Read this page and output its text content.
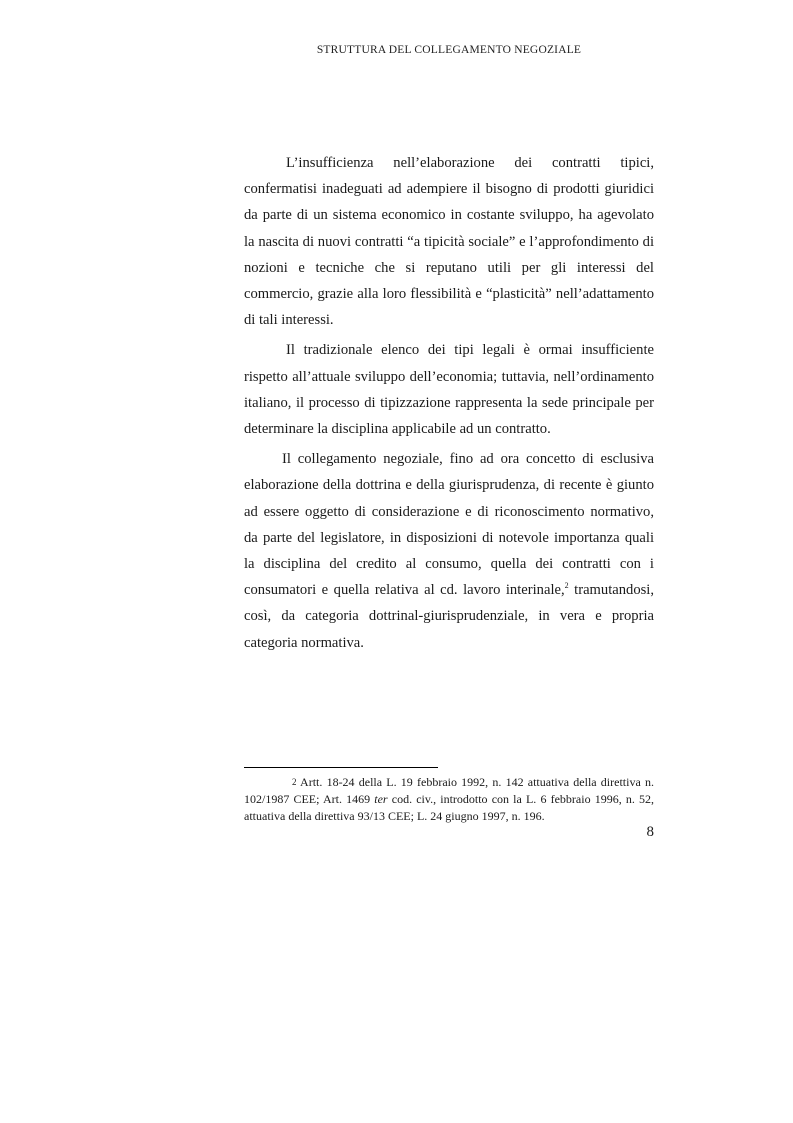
STRUTTURA DEL COLLEGAMENTO NEGOZIALE

L’insufficienza nell’elaborazione dei contratti tipici, confermatisi inadeguati ad adempiere il bisogno di prodotti giuridici da parte di un sistema economico in costante sviluppo, ha agevolato la nascita di nuovi contratti “a tipicità sociale” e l’approfondimento di nozioni e tecniche che si reputano utili per gli interessi del commercio, grazie alla loro flessibilità e “plasticità” nell’adattamento di tali interessi.

Il tradizionale elenco dei tipi legali è ormai insufficiente rispetto all’attuale sviluppo dell’economia; tuttavia, nell’ordinamento italiano, il processo di tipizzazione rappresenta la sede principale per determinare la disciplina applicabile ad un contratto.

Il collegamento negoziale, fino ad ora concetto di esclusiva elaborazione della dottrina e della giurisprudenza, di recente è giunto ad essere oggetto di considerazione e di riconoscimento normativo, da parte del legislatore, in disposizioni di notevole importanza quali la disciplina del credito al consumo, quella dei contratti con i consumatori e quella relativa al cd. lavoro interinale,$^2$ tramutandosi, così, da categoria dottrinal-giurisprudenziale, in vera e propria categoria normativa.

2 Artt. 18-24 della L. 19 febbraio 1992, n. 142 attuativa della direttiva n. 102/1987 CEE; Art. 1469 ter cod. civ., introdotto con la L. 6 febbraio 1996, n. 52, attuativa della direttiva 93/13 CEE; L. 24 giugno 1997, n. 196.

8
